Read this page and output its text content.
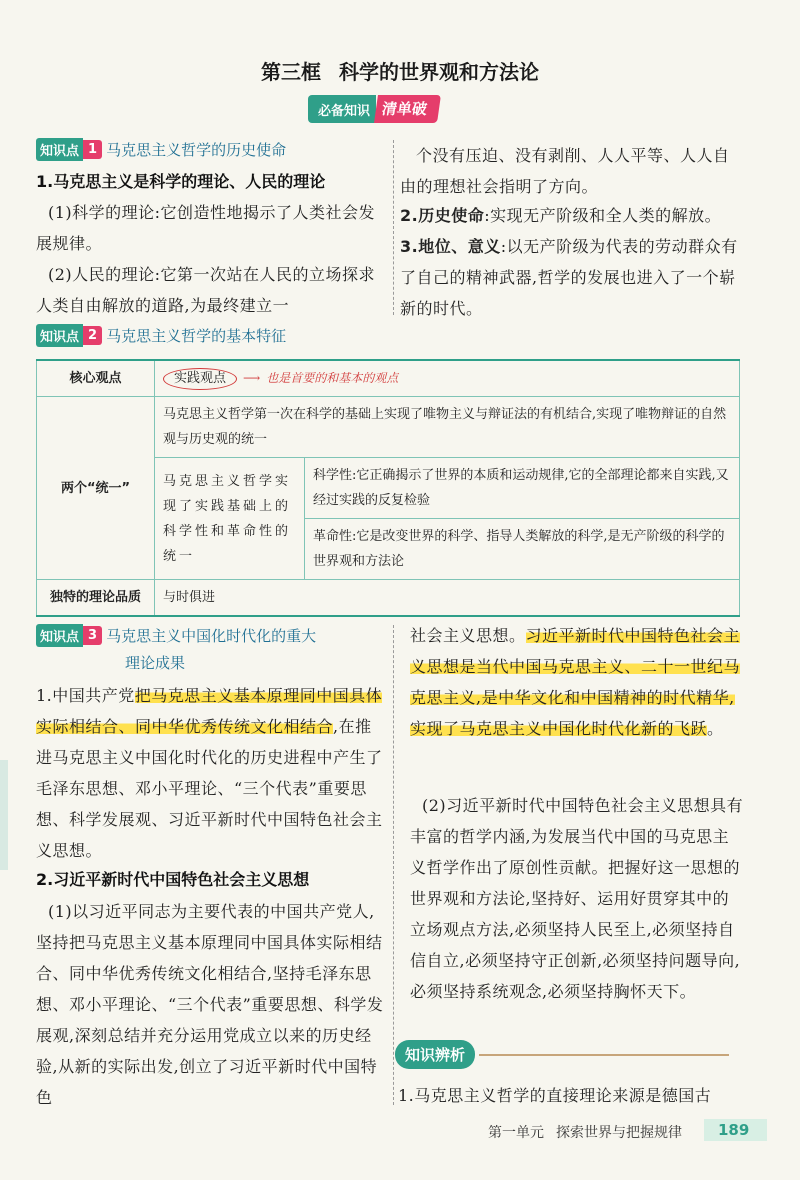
第三框 科学的世界观和方法论
必备知识 清单破
知识点 1 马克思主义哲学的历史使命
1.马克思主义是科学的理论、人民的理论
(1)科学的理论:它创造性地揭示了人类社会发展规律。
(2)人民的理论:它第一次站在人民的立场探求人类自由解放的道路,为最终建立一
个没有压迫、没有剥削、人人平等、人人自由的理想社会指明了方向。
2.历史使命:实现无产阶级和全人类的解放。
3.地位、意义:以无产阶级为代表的劳动群众有了自己的精神武器,哲学的发展也进入了一个崭新的时代。
知识点 2 马克思主义哲学的基本特征
核心观点	实践观点 ⟶ 也是首要的和基本的观点	
两个“统一”	马克思主义哲学第一次在科学的基础上实现了唯物主义与辩证法的有机结合,实现了唯物辩证的自然观与历史观的统一	
	马克思主义哲学实现了实践基础上的科学性和革命性的统一	科学性:它正确揭示了世界的本质和运动规律,它的全部理论都来自实践,又经过实践的反复检验
		革命性:它是改变世界的科学、指导人类解放的科学,是无产阶级的科学的世界观和方法论
独特的理论品质	与时俱进	
知识点 3 马克思主义中国化时代化的重大
理论成果
1.中国共产党把马克思主义基本原理同中国具体实际相结合、同中华优秀传统文化相结合,在推进马克思主义中国化时代化的历史进程中产生了毛泽东思想、邓小平理论、“三个代表”重要思想、科学发展观、习近平新时代中国特色社会主义思想。
2.习近平新时代中国特色社会主义思想
(1)以习近平同志为主要代表的中国共产党人,坚持把马克思主义基本原理同中国具体实际相结合、同中华优秀传统文化相结合,坚持毛泽东思想、邓小平理论、“三个代表”重要思想、科学发展观,深刻总结并充分运用党成立以来的历史经验,从新的实际出发,创立了习近平新时代中国特色
社会主义思想。习近平新时代中国特色社会主义思想是当代中国马克思主义、二十一世纪马克思主义,是中华文化和中国精神的时代精华,实现了马克思主义中国化时代化新的飞跃。
(2)习近平新时代中国特色社会主义思想具有丰富的哲学内涵,为发展当代中国的马克思主义哲学作出了原创性贡献。把握好这一思想的世界观和方法论,坚持好、运用好贯穿其中的立场观点方法,必须坚持人民至上,必须坚持自信自立,必须坚持守正创新,必须坚持问题导向,必须坚持系统观念,必须坚持胸怀天下。
知识辨析
1.马克思主义哲学的直接理论来源是德国古
第一单元 探索世界与把握规律	189
